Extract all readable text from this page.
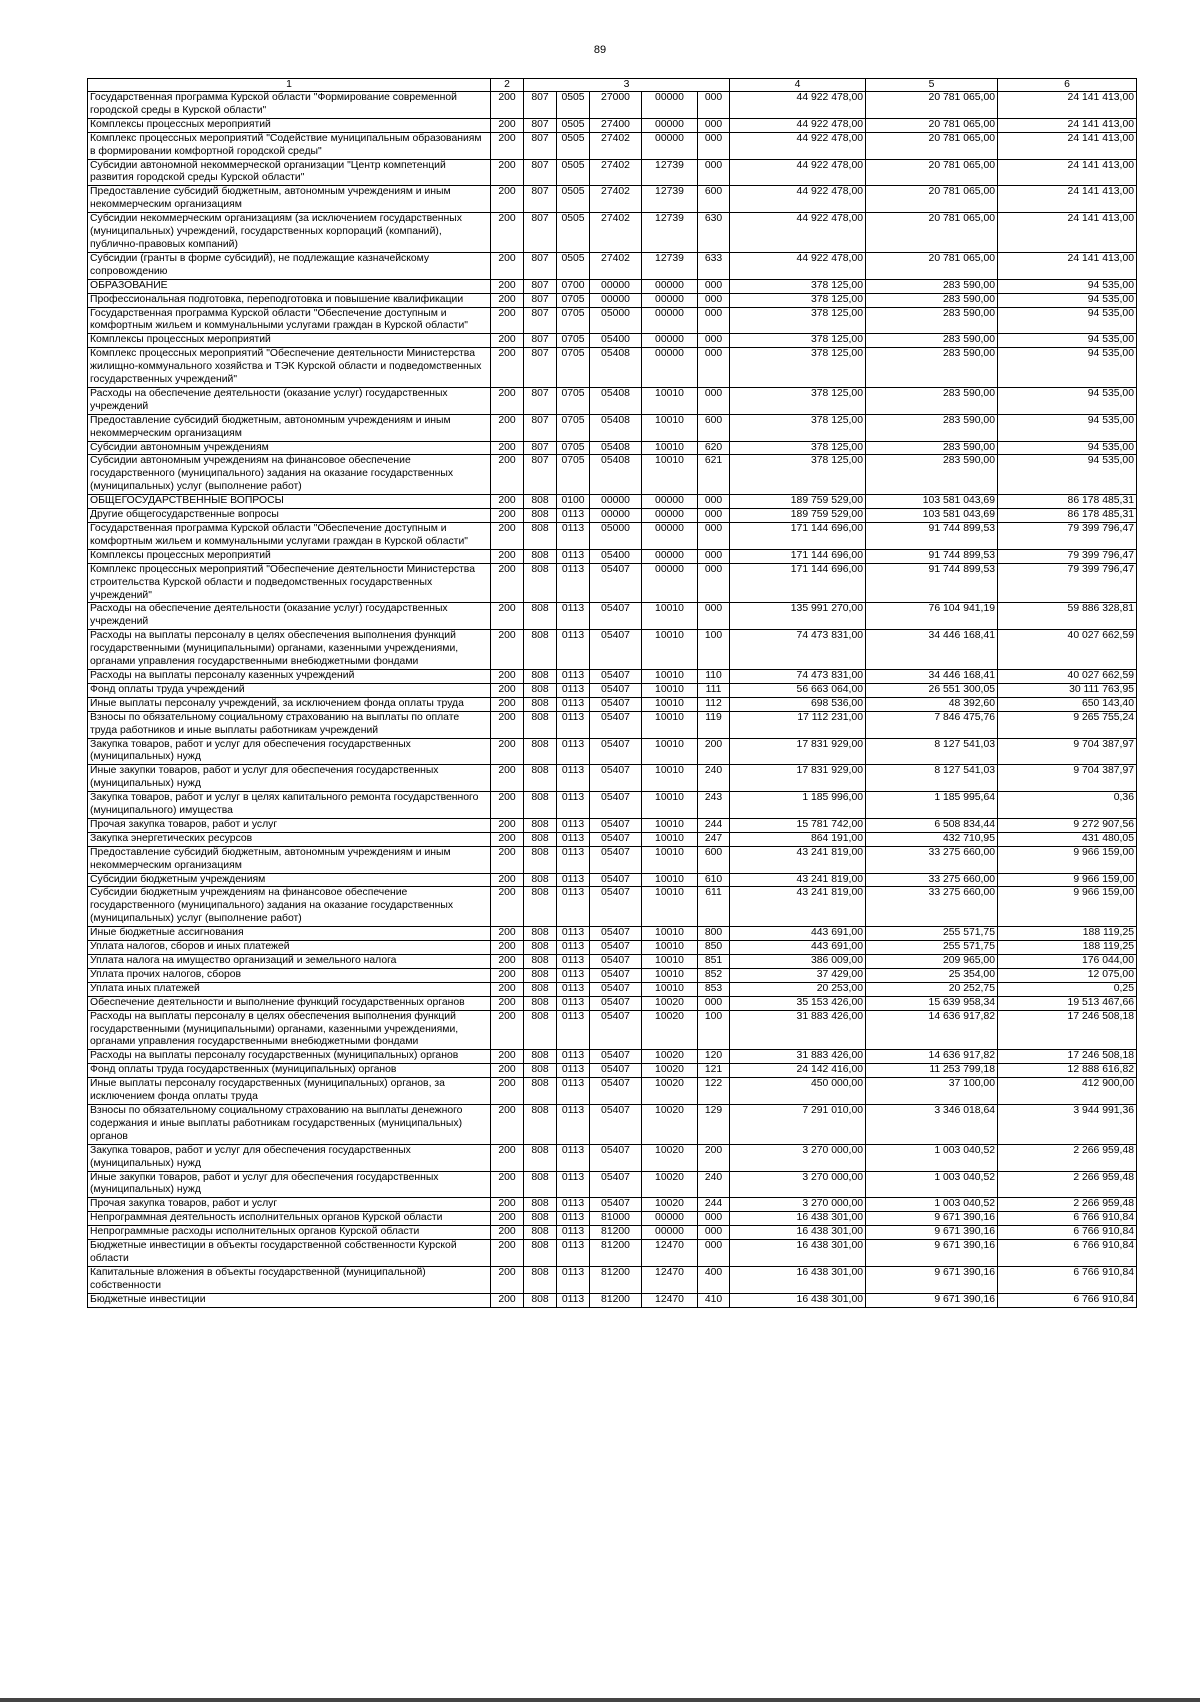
89
1	2	3					4	5	6
Государственная программа Курской области "Формирование современной городской среды в Курской области"	200	807	0505	27000	00000	000	44 922 478,00	20 781 065,00	24 141 413,00
Комплексы процессных мероприятий	200	807	0505	27400	00000	000	44 922 478,00	20 781 065,00	24 141 413,00
Комплекс процессных мероприятий "Содействие муниципальным образованиям в формировании комфортной городской среды"	200	807	0505	27402	00000	000	44 922 478,00	20 781 065,00	24 141 413,00
Субсидии автономной некоммерческой организации "Центр компетенций развития городской среды Курской области"	200	807	0505	27402	12739	000	44 922 478,00	20 781 065,00	24 141 413,00
Предоставление субсидий бюджетным, автономным учреждениям и иным некоммерческим организациям	200	807	0505	27402	12739	600	44 922 478,00	20 781 065,00	24 141 413,00
Субсидии некоммерческим организациям (за исключением государственных (муниципальных) учреждений, государственных корпораций (компаний), публично-правовых компаний)	200	807	0505	27402	12739	630	44 922 478,00	20 781 065,00	24 141 413,00
Субсидии (гранты в форме субсидий), не подлежащие казначейскому сопровождению	200	807	0505	27402	12739	633	44 922 478,00	20 781 065,00	24 141 413,00
ОБРАЗОВАНИЕ	200	807	0700	00000	00000	000	378 125,00	283 590,00	94 535,00
Профессиональная подготовка, переподготовка и повышение квалификации	200	807	0705	00000	00000	000	378 125,00	283 590,00	94 535,00
Государственная программа Курской области "Обеспечение доступным и комфортным жильем и коммунальными услугами граждан в Курской области"	200	807	0705	05000	00000	000	378 125,00	283 590,00	94 535,00
Комплексы процессных мероприятий	200	807	0705	05400	00000	000	378 125,00	283 590,00	94 535,00
Комплекс процессных мероприятий "Обеспечение деятельности Министерства жилищно-коммунального хозяйства и ТЭК Курской области и подведомственных государственных учреждений"	200	807	0705	05408	00000	000	378 125,00	283 590,00	94 535,00
Расходы на обеспечение деятельности (оказание услуг) государственных учреждений	200	807	0705	05408	10010	000	378 125,00	283 590,00	94 535,00
Предоставление субсидий бюджетным, автономным учреждениям и иным некоммерческим организациям	200	807	0705	05408	10010	600	378 125,00	283 590,00	94 535,00
Субсидии автономным учреждениям	200	807	0705	05408	10010	620	378 125,00	283 590,00	94 535,00
Субсидии автономным учреждениям на финансовое обеспечение государственного (муниципального) задания на оказание государственных (муниципальных) услуг (выполнение работ)	200	807	0705	05408	10010	621	378 125,00	283 590,00	94 535,00
ОБЩЕГОСУДАРСТВЕННЫЕ ВОПРОСЫ	200	808	0100	00000	00000	000	189 759 529,00	103 581 043,69	86 178 485,31
Другие общегосударственные вопросы	200	808	0113	00000	00000	000	189 759 529,00	103 581 043,69	86 178 485,31
Государственная программа Курской области "Обеспечение доступным и комфортным жильем и коммунальными услугами граждан в Курской области"	200	808	0113	05000	00000	000	171 144 696,00	91 744 899,53	79 399 796,47
Комплексы процессных мероприятий	200	808	0113	05400	00000	000	171 144 696,00	91 744 899,53	79 399 796,47
Комплекс процессных мероприятий "Обеспечение деятельности Министерства строительства Курской области и подведомственных государственных учреждений"	200	808	0113	05407	00000	000	171 144 696,00	91 744 899,53	79 399 796,47
Расходы на обеспечение деятельности (оказание услуг) государственных учреждений	200	808	0113	05407	10010	000	135 991 270,00	76 104 941,19	59 886 328,81
Расходы на выплаты персоналу в целях обеспечения выполнения функций государственными (муниципальными) органами, казенными учреждениями, органами управления государственными внебюджетными фондами	200	808	0113	05407	10010	100	74 473 831,00	34 446 168,41	40 027 662,59
Расходы на выплаты персоналу казенных учреждений	200	808	0113	05407	10010	110	74 473 831,00	34 446 168,41	40 027 662,59
Фонд оплаты труда учреждений	200	808	0113	05407	10010	111	56 663 064,00	26 551 300,05	30 111 763,95
Иные выплаты персоналу учреждений, за исключением фонда оплаты труда	200	808	0113	05407	10010	112	698 536,00	48 392,60	650 143,40
Взносы по обязательному социальному страхованию на выплаты по оплате труда работников и иные выплаты работникам учреждений	200	808	0113	05407	10010	119	17 112 231,00	7 846 475,76	9 265 755,24
Закупка товаров, работ и услуг для обеспечения государственных (муниципальных) нужд	200	808	0113	05407	10010	200	17 831 929,00	8 127 541,03	9 704 387,97
Иные закупки товаров, работ и услуг для обеспечения государственных (муниципальных) нужд	200	808	0113	05407	10010	240	17 831 929,00	8 127 541,03	9 704 387,97
Закупка товаров, работ и услуг в целях капитального ремонта государственного (муниципального) имущества	200	808	0113	05407	10010	243	1 185 996,00	1 185 995,64	0,36
Прочая закупка товаров, работ и услуг	200	808	0113	05407	10010	244	15 781 742,00	6 508 834,44	9 272 907,56
Закупка энергетических ресурсов	200	808	0113	05407	10010	247	864 191,00	432 710,95	431 480,05
Предоставление субсидий бюджетным, автономным учреждениям и иным некоммерческим организациям	200	808	0113	05407	10010	600	43 241 819,00	33 275 660,00	9 966 159,00
Субсидии бюджетным учреждениям	200	808	0113	05407	10010	610	43 241 819,00	33 275 660,00	9 966 159,00
Субсидии бюджетным учреждениям на финансовое обеспечение государственного (муниципального) задания на оказание государственных (муниципальных) услуг (выполнение работ)	200	808	0113	05407	10010	611	43 241 819,00	33 275 660,00	9 966 159,00
Иные бюджетные ассигнования	200	808	0113	05407	10010	800	443 691,00	255 571,75	188 119,25
Уплата налогов, сборов и иных платежей	200	808	0113	05407	10010	850	443 691,00	255 571,75	188 119,25
Уплата налога на имущество организаций и земельного налога	200	808	0113	05407	10010	851	386 009,00	209 965,00	176 044,00
Уплата прочих налогов, сборов	200	808	0113	05407	10010	852	37 429,00	25 354,00	12 075,00
Уплата иных платежей	200	808	0113	05407	10010	853	20 253,00	20 252,75	0,25
Обеспечение деятельности и выполнение функций государственных органов	200	808	0113	05407	10020	000	35 153 426,00	15 639 958,34	19 513 467,66
Расходы на выплаты персоналу в целях обеспечения выполнения функций государственными (муниципальными) органами, казенными учреждениями, органами управления государственными внебюджетными фондами	200	808	0113	05407	10020	100	31 883 426,00	14 636 917,82	17 246 508,18
Расходы на выплаты персоналу государственных (муниципальных) органов	200	808	0113	05407	10020	120	31 883 426,00	14 636 917,82	17 246 508,18
Фонд оплаты труда государственных (муниципальных) органов	200	808	0113	05407	10020	121	24 142 416,00	11 253 799,18	12 888 616,82
Иные выплаты персоналу государственных (муниципальных) органов, за исключением фонда оплаты труда	200	808	0113	05407	10020	122	450 000,00	37 100,00	412 900,00
Взносы по обязательному социальному страхованию на выплаты денежного содержания и иные выплаты работникам государственных (муниципальных) органов	200	808	0113	05407	10020	129	7 291 010,00	3 346 018,64	3 944 991,36
Закупка товаров, работ и услуг для обеспечения государственных (муниципальных) нужд	200	808	0113	05407	10020	200	3 270 000,00	1 003 040,52	2 266 959,48
Иные закупки товаров, работ и услуг для обеспечения государственных (муниципальных) нужд	200	808	0113	05407	10020	240	3 270 000,00	1 003 040,52	2 266 959,48
Прочая закупка товаров, работ и услуг	200	808	0113	05407	10020	244	3 270 000,00	1 003 040,52	2 266 959,48
Непрограммная деятельность исполнительных органов Курской области	200	808	0113	81000	00000	000	16 438 301,00	9 671 390,16	6 766 910,84
Непрограммные расходы исполнительных органов Курской области	200	808	0113	81200	00000	000	16 438 301,00	9 671 390,16	6 766 910,84
Бюджетные инвестиции в объекты государственной собственности Курской области	200	808	0113	81200	12470	000	16 438 301,00	9 671 390,16	6 766 910,84
Капитальные вложения в объекты государственной (муниципальной) собственности	200	808	0113	81200	12470	400	16 438 301,00	9 671 390,16	6 766 910,84
Бюджетные инвестиции	200	808	0113	81200	12470	410	16 438 301,00	9 671 390,16	6 766 910,84
